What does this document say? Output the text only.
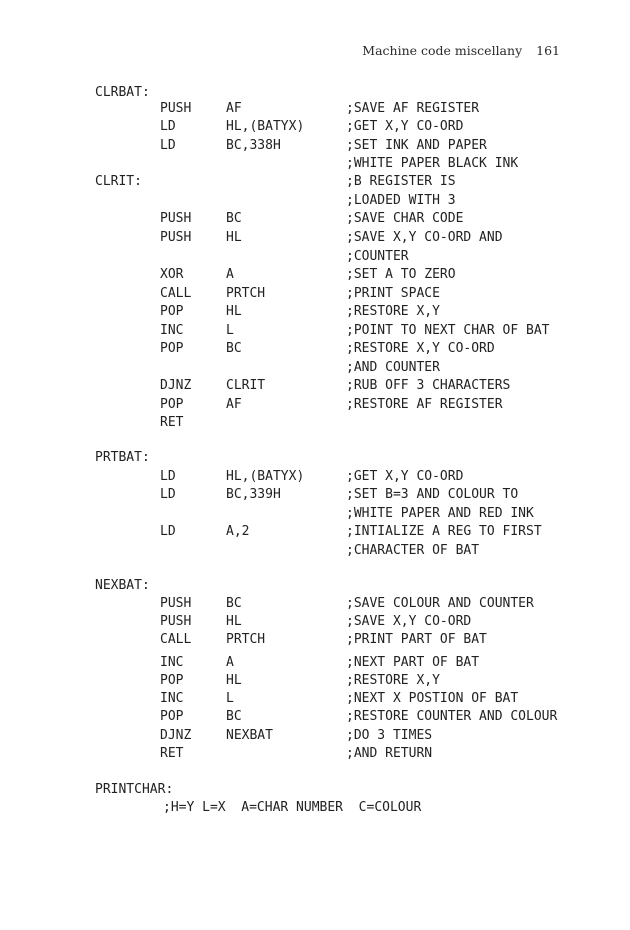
Machine code miscellany 161
CLRBAT:
PUSH	AF	;SAVE AF REGISTER
LD	HL,(BATYX)	;GET X,Y CO-ORD
LD	BC,338H	;SET INK AND PAPER
;WHITE PAPER BLACK INK
CLRIT:	;B REGISTER IS
;LOADED WITH 3
PUSH	BC	;SAVE CHAR CODE
PUSH	HL	;SAVE X,Y CO-ORD AND
;COUNTER
XOR	A	;SET A TO ZERO
CALL	PRTCH	;PRINT SPACE
POP	HL	;RESTORE X,Y
INC	L	;POINT TO NEXT CHAR OF BAT
POP	BC	;RESTORE X,Y CO-ORD
;AND COUNTER
DJNZ	CLRIT	;RUB OFF 3 CHARACTERS
POP	AF	;RESTORE AF REGISTER
RET
PRTBAT:
LD	HL,(BATYX)	;GET X,Y CO-ORD
LD	BC,339H	;SET B=3 AND COLOUR TO
;WHITE PAPER AND RED INK
LD	A,2	;INTIALIZE A REG TO FIRST
;CHARACTER OF BAT
NEXBAT:
PUSH	BC	;SAVE COLOUR AND COUNTER
PUSH	HL	;SAVE X,Y CO-ORD
CALL	PRTCH	;PRINT PART OF BAT
INC	A	;NEXT PART OF BAT
POP	HL	;RESTORE X,Y
INC	L	;NEXT X POSTION OF BAT
POP	BC	;RESTORE COUNTER AND COLOUR
DJNZ	NEXBAT	;DO 3 TIMES
RET	;AND RETURN
PRINTCHAR:
;H=Y L=X  A=CHAR NUMBER  C=COLOUR
